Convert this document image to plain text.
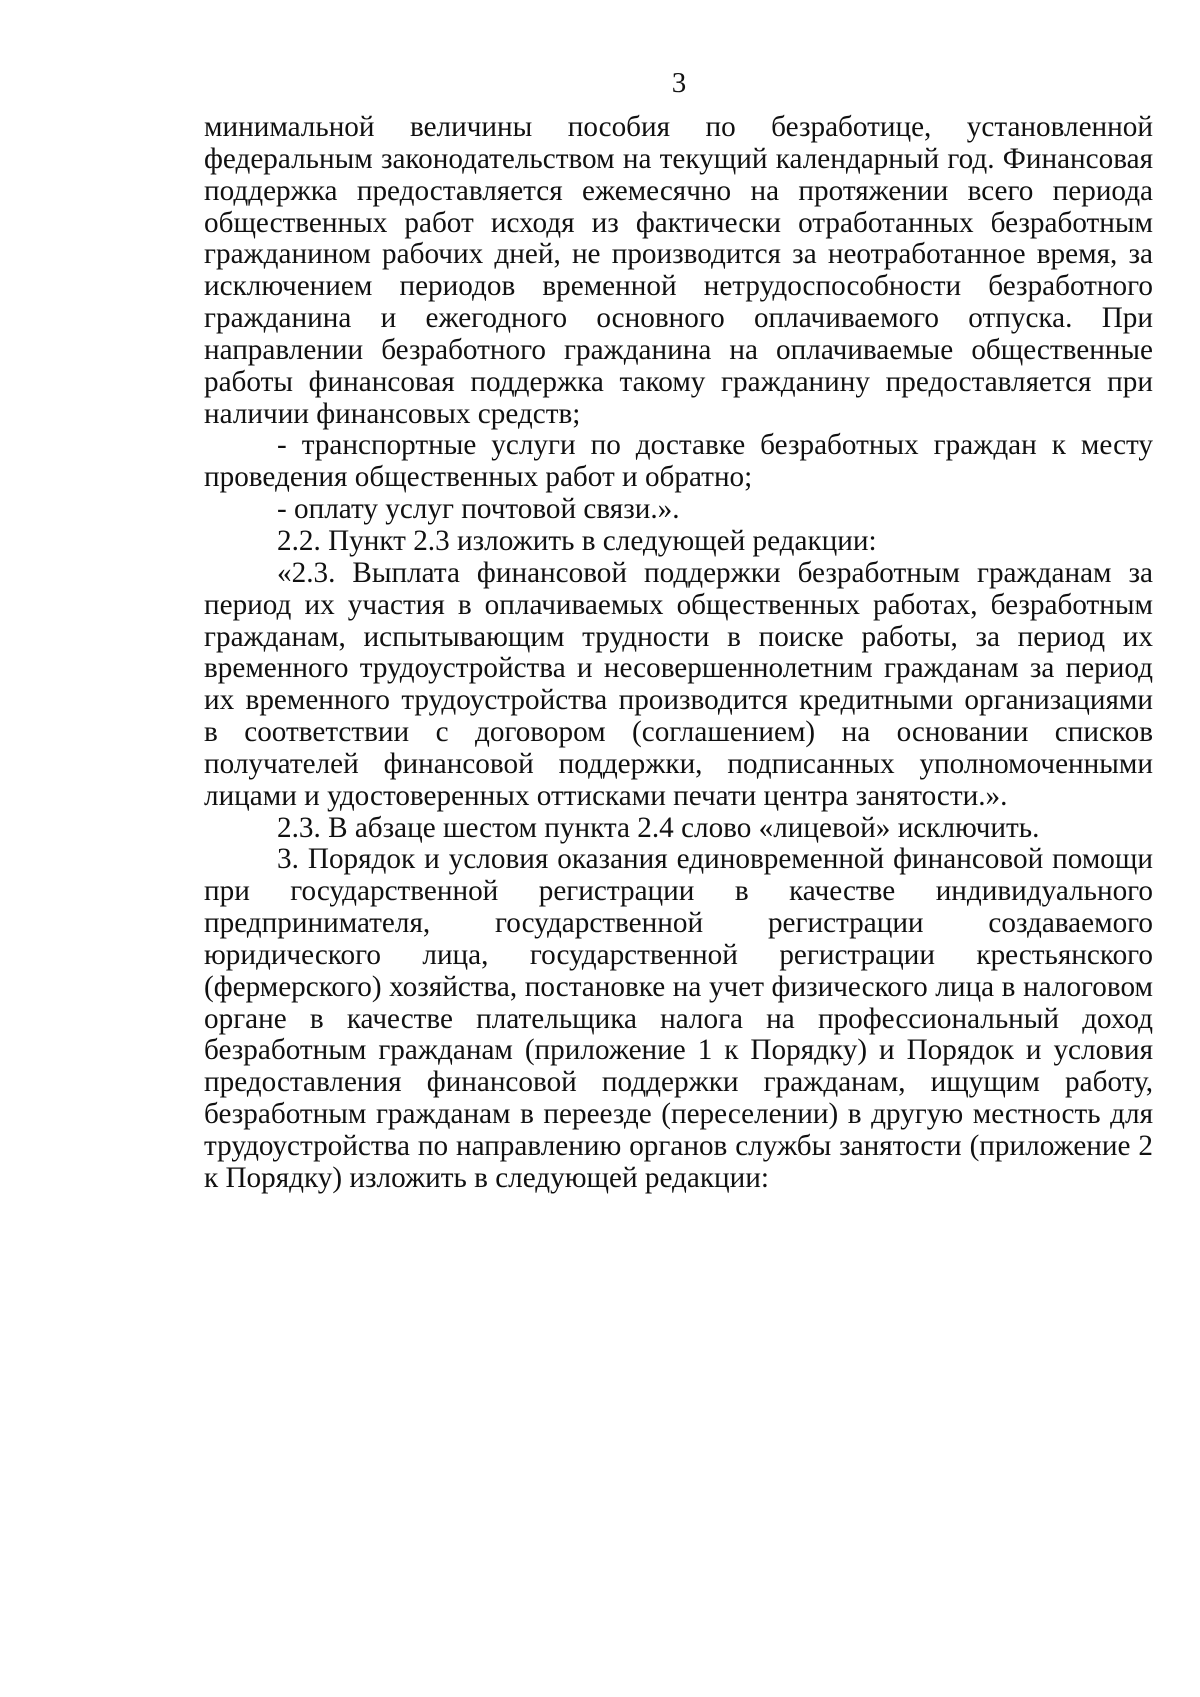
3

минимальной величины пособия по безработице, установленной федеральным законодательством на текущий календарный год. Финансовая поддержка предоставляется ежемесячно на протяжении всего периода общественных работ исходя из фактически отработанных безработным гражданином рабочих дней, не производится за неотработанное время, за исключением периодов временной нетрудоспособности безработного гражданина и ежегодного основного оплачиваемого отпуска. При направлении безработного гражданина на оплачиваемые общественные работы финансовая поддержка такому гражданину предоставляется при наличии финансовых средств;

- транспортные услуги по доставке безработных граждан к месту проведения общественных работ и обратно;

- оплату услуг почтовой связи.».

2.2. Пункт 2.3 изложить в следующей редакции:

«2.3. Выплата финансовой поддержки безработным гражданам за период их участия в оплачиваемых общественных работах, безработным гражданам, испытывающим трудности в поиске работы, за период их временного трудоустройства и несовершеннолетним гражданам за период их временного трудоустройства производится кредитными организациями в соответствии с договором (соглашением) на основании списков получателей финансовой поддержки, подписанных уполномоченными лицами и удостоверенных оттисками печати центра занятости.».

2.3. В абзаце шестом пункта 2.4 слово «лицевой» исключить.

3. Порядок и условия оказания единовременной финансовой помощи при государственной регистрации в качестве индивидуального предпринимателя, государственной регистрации создаваемого юридического лица, государственной регистрации крестьянского (фермерского) хозяйства, постановке на учет физического лица в налоговом органе в качестве плательщика налога на профессиональный доход безработным гражданам (приложение 1 к Порядку) и Порядок и условия предоставления финансовой поддержки гражданам, ищущим работу, безработным гражданам в переезде (переселении) в другую местность для трудоустройства по направлению органов службы занятости (приложение 2 к Порядку) изложить в следующей редакции:
